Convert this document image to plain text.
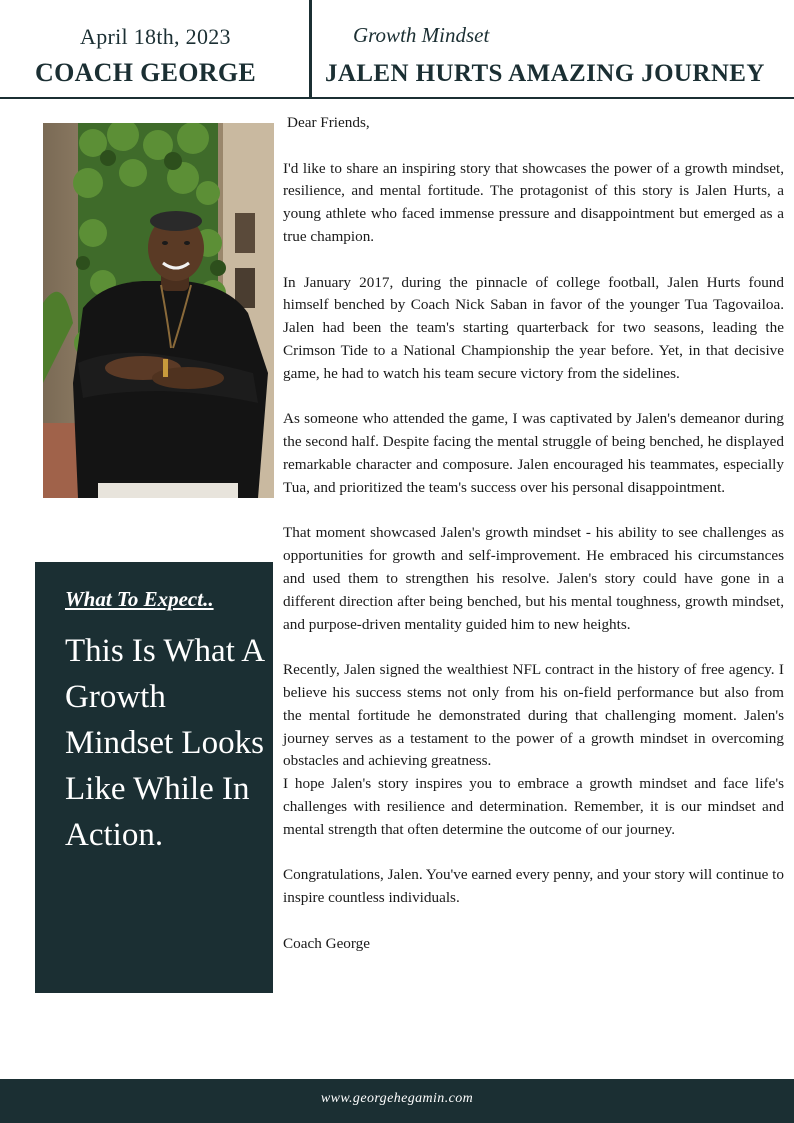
April 18th, 2023
COACH GEORGE
Growth Mindset
JALEN HURTS AMAZING JOURNEY
What To Expect..
This Is What A Growth Mindset Looks Like While In Action.

Dear Friends,

I'd like to share an inspiring story that showcases the power of a growth mindset, resilience, and mental fortitude. The protagonist of this story is Jalen Hurts, a young athlete who faced immense pressure and disappointment but emerged as a true champion.

In January 2017, during the pinnacle of college football, Jalen Hurts found himself benched by Coach Nick Saban in favor of the younger Tua Tagovailoa. Jalen had been the team's starting quarterback for two seasons, leading the Crimson Tide to a National Championship the year before. Yet, in that decisive game, he had to watch his team secure victory from the sidelines.

As someone who attended the game, I was captivated by Jalen's demeanor during the second half. Despite facing the mental struggle of being benched, he displayed remarkable character and composure. Jalen encouraged his teammates, especially Tua, and prioritized the team's success over his personal disappointment.

That moment showcased Jalen's growth mindset - his ability to see challenges as opportunities for growth and self-improvement. He embraced his circumstances and used them to strengthen his resolve. Jalen's story could have gone in a different direction after being benched, but his mental toughness, growth mindset, and purpose-driven mentality guided him to new heights.

Recently, Jalen signed the wealthiest NFL contract in the history of free agency. I believe his success stems not only from his on-field performance but also from the mental fortitude he demonstrated during that challenging moment. Jalen's journey serves as a testament to the power of a growth mindset in overcoming obstacles and achieving greatness.

I hope Jalen's story inspires you to embrace a growth mindset and face life's challenges with resilience and determination. Remember, it is our mindset and mental strength that often determine the outcome of our journey.

Congratulations, Jalen. You've earned every penny, and your story will continue to inspire countless individuals.

Coach George

www.georgehegamin.com
